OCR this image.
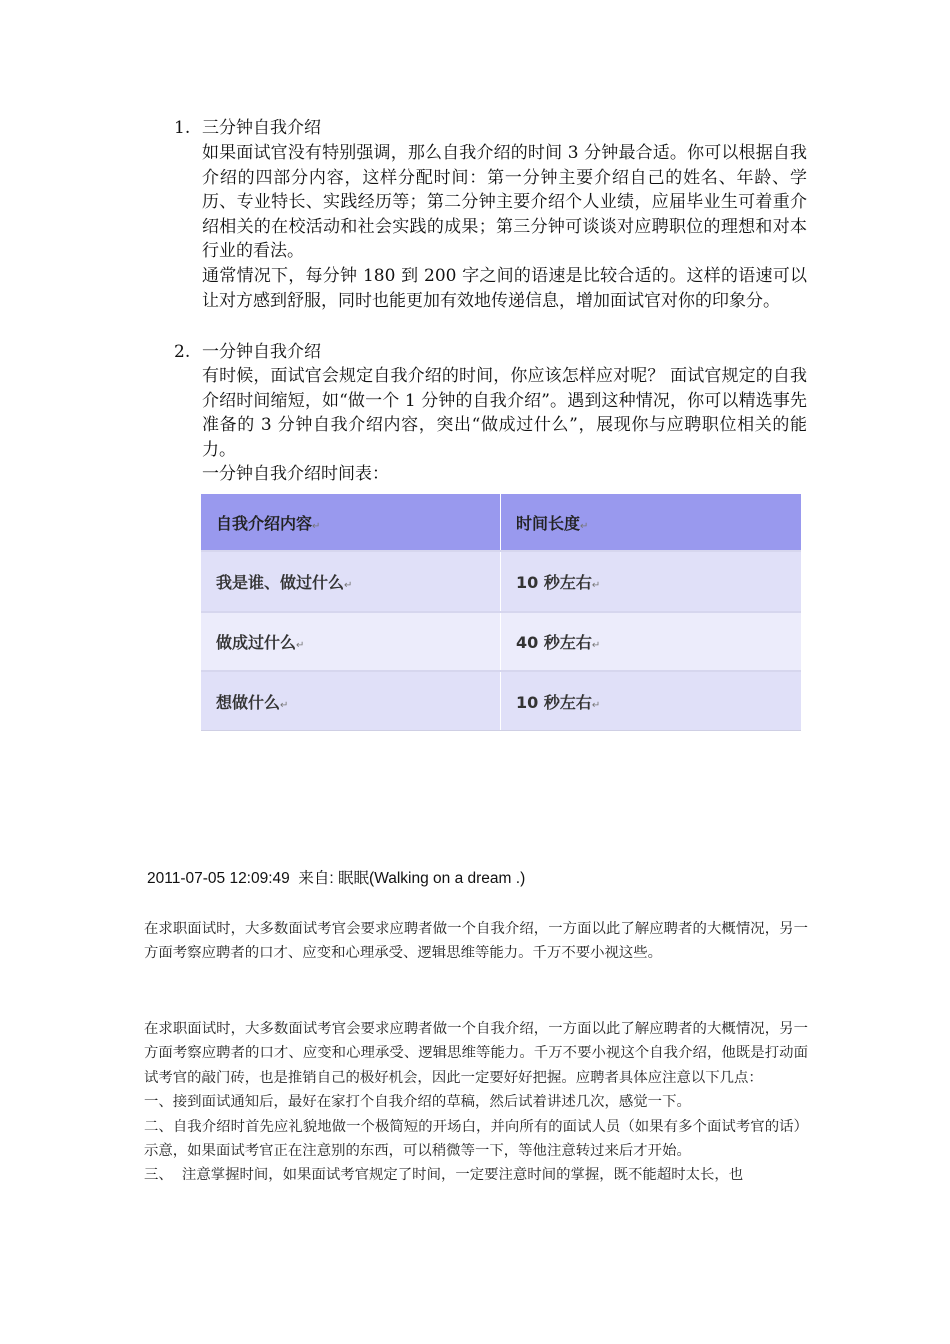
1. 三分钟自我介绍

如果面试官没有特别强调，那么自我介绍的时间 3 分钟最合适。你可以根据自我介绍的四部分内容，这样分配时间：第一分钟主要介绍自己的姓名、年龄、学历、专业特长、实践经历等；第二分钟主要介绍个人业绩，应届毕业生可着重介绍相关的在校活动和社会实践的成果；第三分钟可谈谈对应聘职位的理想和对本行业的看法。

通常情况下，每分钟 180 到 200 字之间的语速是比较合适的。这样的语速可以让对方感到舒服，同时也能更加有效地传递信息，增加面试官对你的印象分。

2. 一分钟自我介绍

有时候，面试官会规定自我介绍的时间，你应该怎样应对呢？ 面试官规定的自我介绍时间缩短，如“做一个 1 分钟的自我介绍”。遇到这种情况，你可以精选事先准备的 3 分钟自我介绍内容，突出“做成过什么”，展现你与应聘职位相关的能力。

一分钟自我介绍时间表：

自我介绍内容↵	时间长度↵
我是谁、做过什么↵	10 秒左右↵
做成过什么↵	40 秒左右↵
想做什么↵	10 秒左右↵
2011-07-05 12:09:49 来自: 眠眠(Walking on a dream .)

在求职面试时，大多数面试考官会要求应聘者做一个自我介绍，一方面以此了解应聘者的大概情况，另一方面考察应聘者的口才、应变和心理承受、逻辑思维等能力。千万不要小视这些。

在求职面试时，大多数面试考官会要求应聘者做一个自我介绍，一方面以此了解应聘者的大概情况，另一方面考察应聘者的口才、应变和心理承受、逻辑思维等能力。千万不要小视这个自我介绍，他既是打动面试考官的敲门砖，也是推销自己的极好机会，因此一定要好好把握。应聘者具体应注意以下几点：

一、接到面试通知后，最好在家打个自我介绍的草稿，然后试着讲述几次，感觉一下。

二、自我介绍时首先应礼貌地做一个极简短的开场白，并向所有的面试人员（如果有多个面试考官的话）示意，如果面试考官正在注意别的东西，可以稍微等一下，等他注意转过来后才开始。

三、  注意掌握时间，如果面试考官规定了时间，一定要注意时间的掌握，既不能超时太长，也
